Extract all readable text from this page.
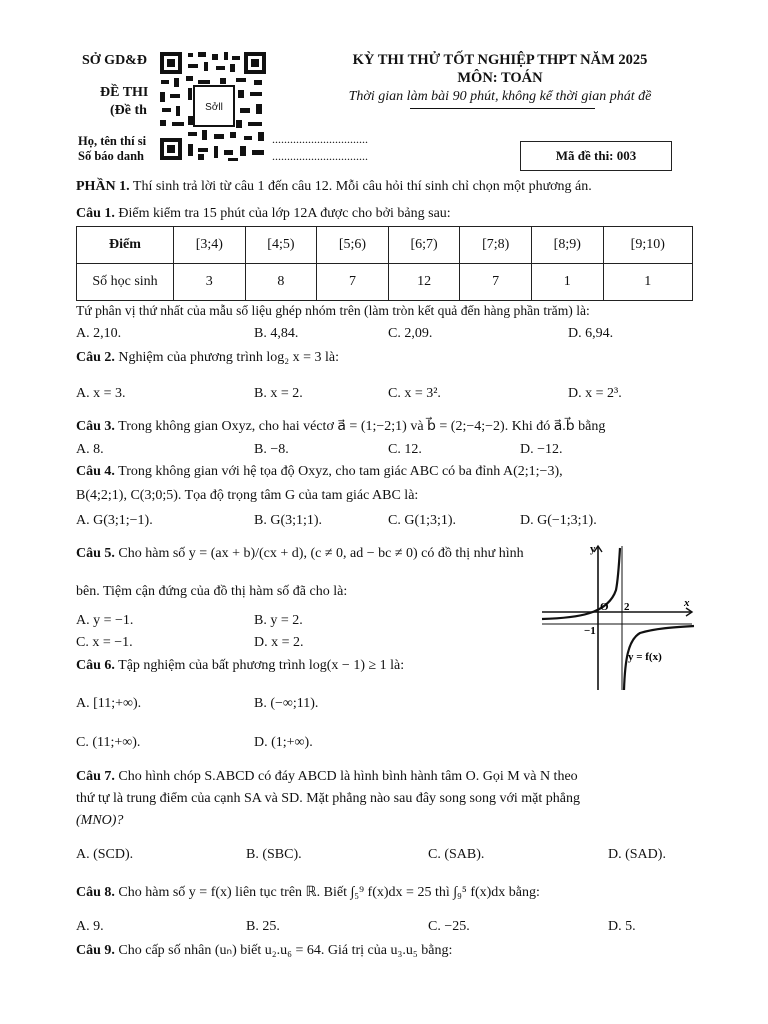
SỞ GD&Đ
ĐỀ THI
(Đề th
Họ, tên thí si
Số báo danh
................................
................................
Sởll
KỲ THI THỬ TỐT NGHIỆP THPT NĂM 2025
MÔN: TOÁN
Thời gian làm bài 90 phút, không kể thời gian phát đề
Mã đề thi: 003
PHẦN 1. Thí sinh trả lời từ câu 1 đến câu 12. Mỗi câu hỏi thí sinh chỉ chọn một phương án.
Câu 1. Điểm kiểm tra 15 phút của lớp 12A được cho bởi bảng sau:
Điểm	[3;4)	[4;5)	[5;6)	[6;7)	[7;8)	[8;9)	[9;10)
Số học sinh	3	8	7	12	7	1	1
Tứ phân vị thứ nhất của mẫu số liệu ghép nhóm trên (làm tròn kết quả đến hàng phần trăm) là:
A. 2,10.	B. 4,84.	C. 2,09.	D. 6,94.
Câu 2. Nghiệm của phương trình log₂ x = 3 là:
A. x = 3.	B. x = 2.	C. x = 3².	D. x = 2³.
Câu 3. Trong không gian Oxyz, cho hai véctơ a⃗ = (1;−2;1) và b⃗ = (2;−4;−2). Khi đó a⃗.b⃗ bằng
A. 8.	B. −8.	C. 12.	D. −12.
Câu 4. Trong không gian với hệ tọa độ Oxyz, cho tam giác ABC có ba đỉnh A(2;1;−3),
B(4;2;1), C(3;0;5). Tọa độ trọng tâm G của tam giác ABC là:
A. G(3;1;−1).	B. G(3;1;1).	C. G(1;3;1).	D. G(−1;3;1).
Câu 5. Cho hàm số y = (ax + b)/(cx + d), (c ≠ 0, ad − bc ≠ 0) có đồ thị như hình
bên. Tiệm cận đứng của đồ thị hàm số đã cho là:
A. y = −1.	B. y = 2.
C. x = −1.	D. x = 2.
y
x
O 2
−1
y = f(x)
Câu 6. Tập nghiệm của bất phương trình log(x − 1) ≥ 1 là:
A. [11;+∞).	B. (−∞;11).
C. (11;+∞).	D. (1;+∞).
Câu 7. Cho hình chóp S.ABCD có đáy ABCD là hình bình hành tâm O. Gọi M và N theo
thứ tự là trung điểm của cạnh SA và SD. Mặt phẳng nào sau đây song song với mặt phẳng
(MNO)?
A. (SCD).	B. (SBC).	C. (SAB).	D. (SAD).
Câu 8. Cho hàm số y = f(x) liên tục trên ℝ. Biết ∫₅⁹ f(x)dx = 25 thì ∫₉⁵ f(x)dx bằng:
A. 9.	B. 25.	C. −25.	D. 5.
Câu 9. Cho cấp số nhân (uₙ) biết u₂.u₆ = 64. Giá trị của u₃.u₅ bằng:
